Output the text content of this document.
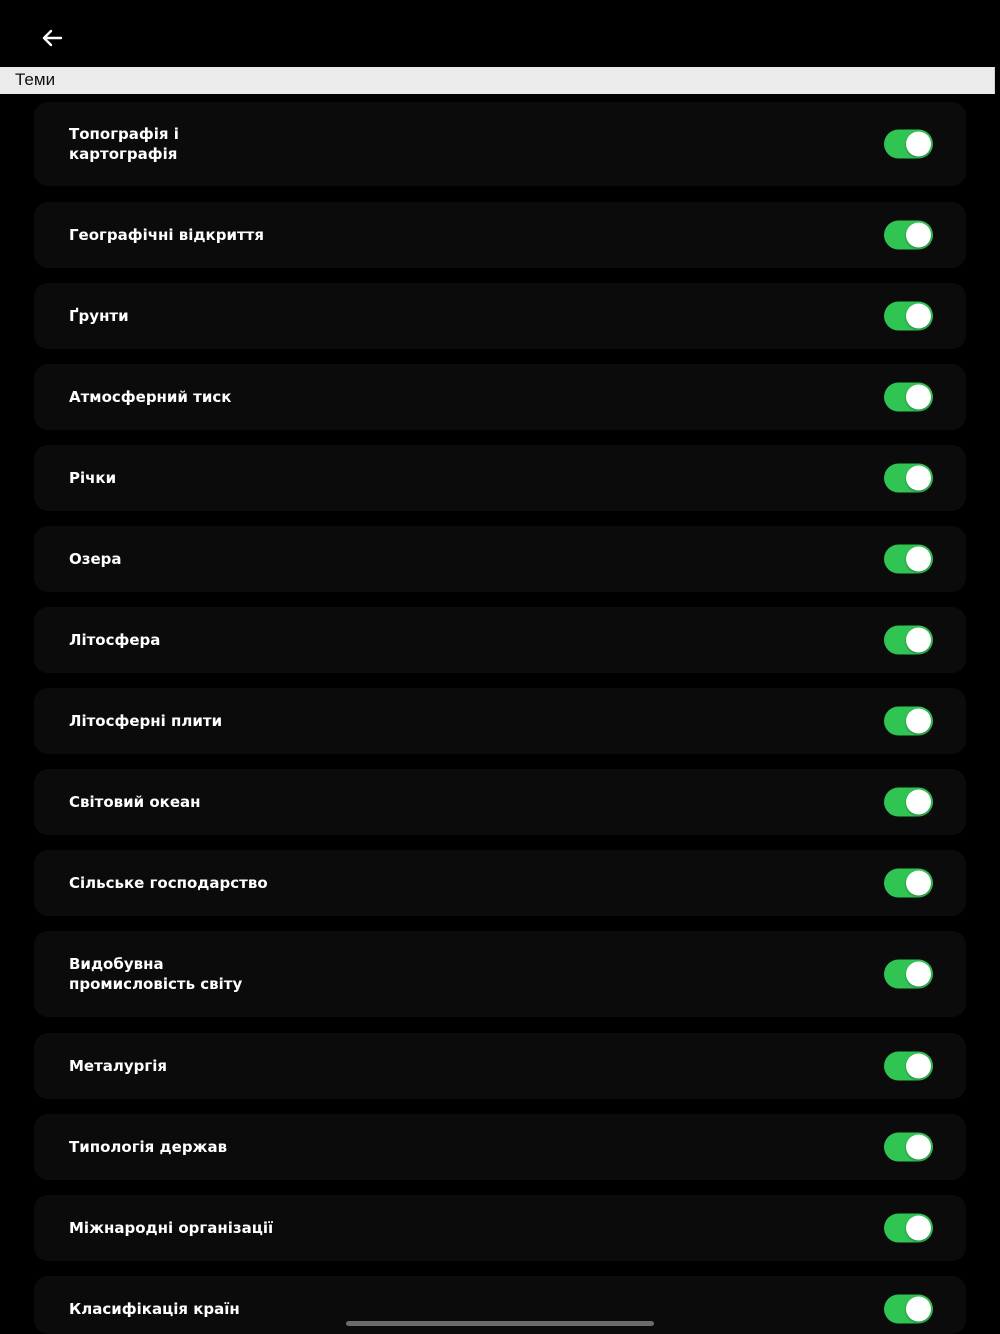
Теми
Топографія і картографія
Географічні відкриття
Ґрунти
Атмосферний тиск
Річки
Озера
Літосфера
Літосферні плити
Світовий океан
Сільське господарство
Видобувна промисловість світу
Металургія
Типологія держав
Міжнародні організації
Класифікація країн
